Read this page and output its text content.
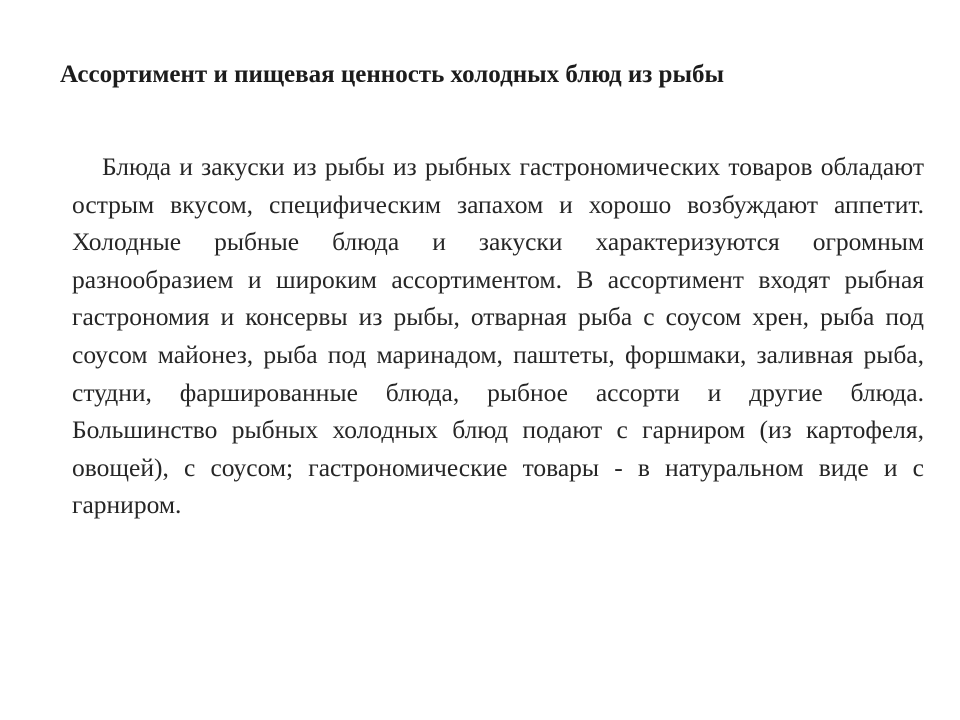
Ассортимент и пищевая ценность холодных блюд из рыбы

Блюда и закуски из рыбы из рыбных гастрономических товаров обладают острым вкусом, специфическим запахом и хорошо возбуждают аппетит. Холодные рыбные блюда и закуски характеризуются огромным разнообразием и широким ассортиментом. В ассортимент входят рыбная гастрономия и консервы из рыбы, отварная рыба с соусом хрен, рыба под соусом майонез, рыба под маринадом, паштеты, форшмаки, заливная рыба, студни, фаршированные блюда, рыбное ассорти и другие блюда. Большинство рыбных холодных блюд подают с гарниром (из картофеля, овощей), с соусом; гастрономические товары - в натуральном виде и с гарниром.
